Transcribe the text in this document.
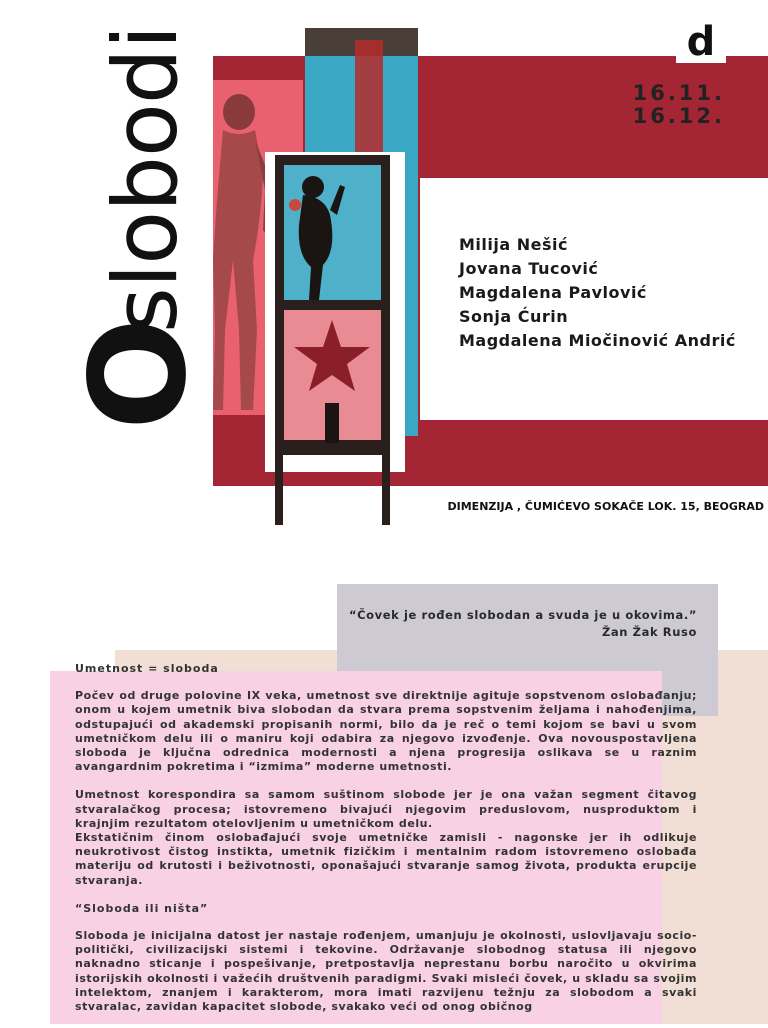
slobodi
O
d
16.11.
16.12.
Milija Nešić
Jovana Tucović
Magdalena Pavlović
Sonja Ćurin
Magdalena Miočinović Andrić
DIMENZIJA , ČUMIĆEVO SOKAČE LOK. 15, BEOGRAD
“Čovek je rođen slobodan a svuda je u okovima.”
Žan Žak Ruso
Umetnost = sloboda

Počev od druge polovine IX veka, umetnost sve direktnije agituje sopstvenom oslobađanju; onom u kojem umetnik biva slobodan da stvara prema sopstvenim željama i nahođenjima, odstupajući od akademski propisanih normi, bilo da je reč o temi kojom se bavi u svom umetničkom delu ili o maniru koji odabira za njegovo izvođenje. Ova novouspostavljena sloboda je ključna odrednica modernosti a njena progresija oslikava se u raznim avangardnim pokretima i “izmima” moderne umetnosti.

Umetnost korespondira sa samom suštinom slobode jer je ona važan segment čitavog stvaralačkog procesa; istovremeno bivajući njegovim preduslovom, nusproduktom i krajnjim rezultatom otelovljenim u umetničkom delu.

Ekstatičnim činom oslobađajući svoje umetničke zamisli - nagonske jer ih odlikuje neukrotivost čistog instikta, umetnik fizičkim i mentalnim radom istovremeno oslobađa materiju od krutosti i beživotnosti, oponašajući stvaranje samog života, produkta erupcije stvaranja.

“Sloboda ili ništa”

Sloboda je inicijalna datost jer nastaje rođenjem, umanjuju je okolnosti, uslovljavaju socio- politički, civilizacijski sistemi i tekovine. Održavanje slobodnog statusa ili njegovo naknadno sticanje i pospešivanje, pretpostavlja neprestanu borbu naročito u okvirima istorijskih okolnosti i važećih društvenih paradigmi. Svaki misleći čovek, u skladu sa svojim intelektom, znanjem i karakterom, mora imati razvijenu težnju za slobodom a svaki stvaralac, zavidan kapacitet slobode, svakako veći od onog običnog
